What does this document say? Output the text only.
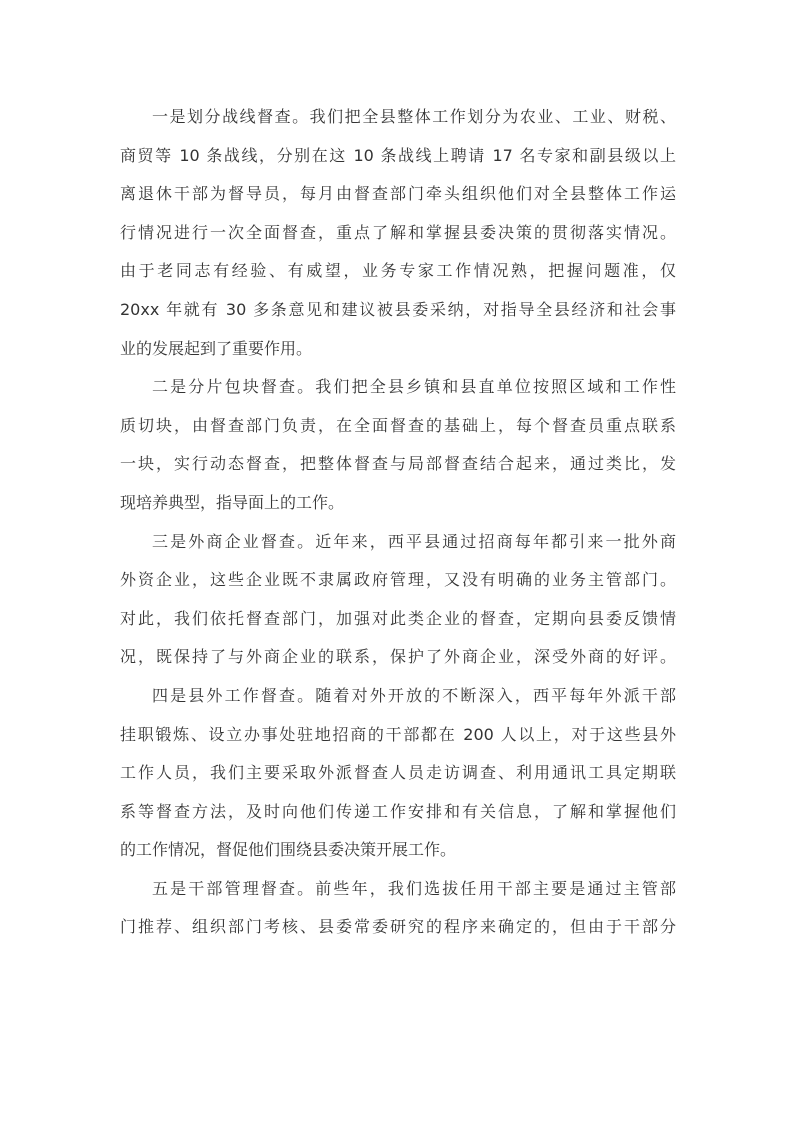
一是划分战线督查。我们把全县整体工作划分为农业、工业、财税、
商贸等 10 条战线，分别在这 10 条战线上聘请 17 名专家和副县级以上
离退休干部为督导员，每月由督查部门牵头组织他们对全县整体工作运
行情况进行一次全面督查，重点了解和掌握县委决策的贯彻落实情况。
由于老同志有经验、有威望，业务专家工作情况熟，把握问题准，仅
20xx 年就有 30 多条意见和建议被县委采纳，对指导全县经济和社会事
业的发展起到了重要作用。
二是分片包块督查。我们把全县乡镇和县直单位按照区域和工作性
质切块，由督查部门负责，在全面督查的基础上，每个督查员重点联系
一块，实行动态督查，把整体督查与局部督查结合起来，通过类比，发
现培养典型，指导面上的工作。
三是外商企业督查。近年来，西平县通过招商每年都引来一批外商
外资企业，这些企业既不隶属政府管理，又没有明确的业务主管部门。
对此，我们依托督查部门，加强对此类企业的督查，定期向县委反馈情
况，既保持了与外商企业的联系，保护了外商企业，深受外商的好评。
四是县外工作督查。随着对外开放的不断深入，西平每年外派干部
挂职锻炼、设立办事处驻地招商的干部都在 200 人以上，对于这些县外
工作人员，我们主要采取外派督查人员走访调查、利用通讯工具定期联
系等督查方法，及时向他们传递工作安排和有关信息，了解和掌握他们
的工作情况，督促他们围绕县委决策开展工作。
五是干部管理督查。前些年，我们选拔任用干部主要是通过主管部
门推荐、组织部门考核、县委常委研究的程序来确定的，但由于干部分
